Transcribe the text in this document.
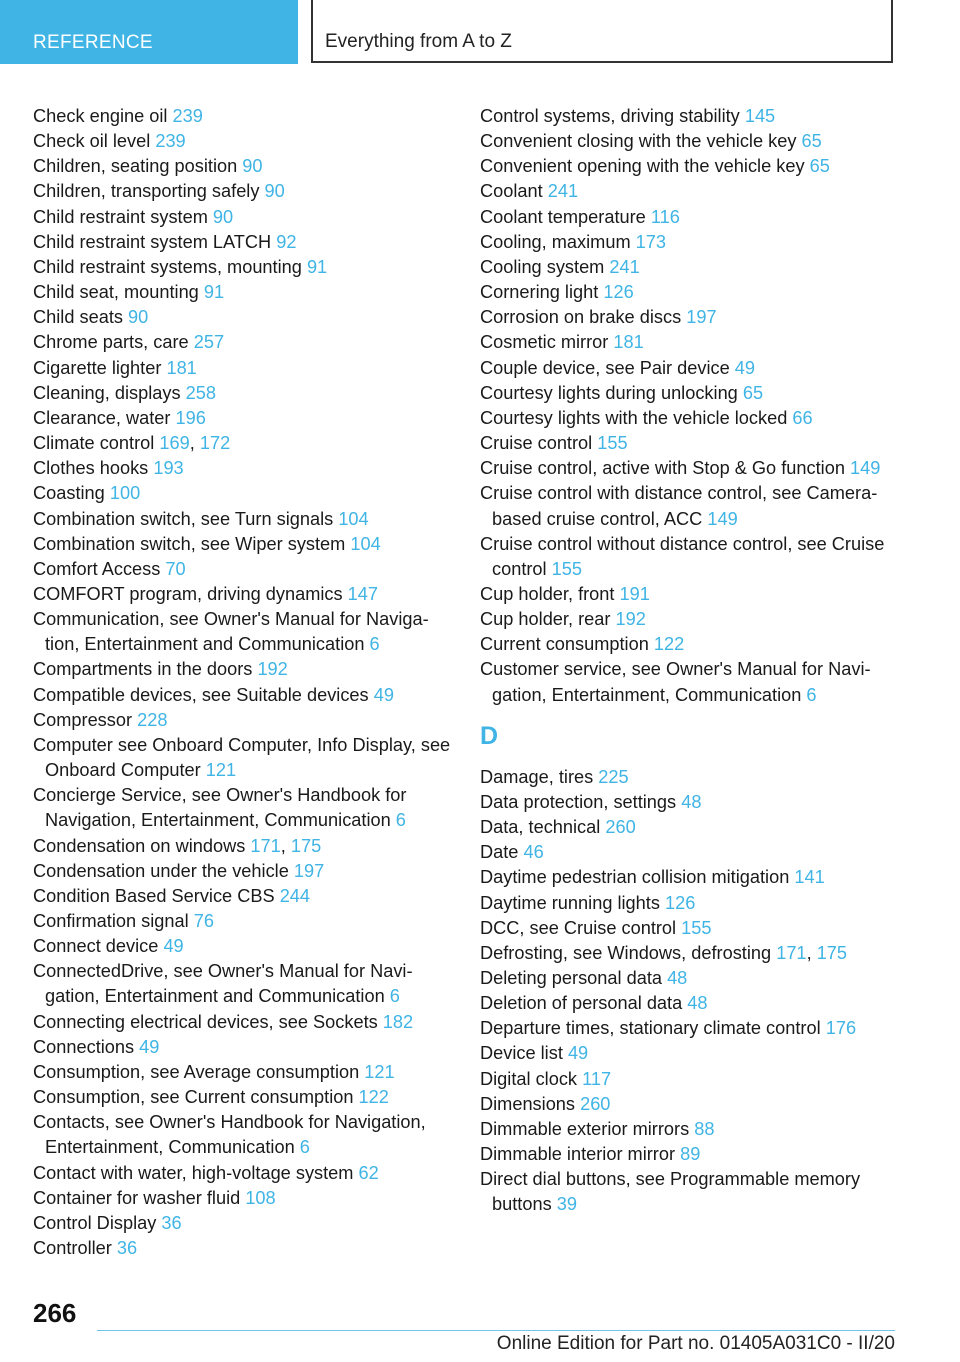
REFERENCE	Everything from A to Z
Check engine oil 239
Check oil level 239
Children, seating position 90
Children, transporting safely 90
Child restraint system 90
Child restraint system LATCH 92
Child restraint systems, mounting 91
Child seat, mounting 91
Child seats 90
Chrome parts, care 257
Cigarette lighter 181
Cleaning, displays 258
Clearance, water 196
Climate control 169, 172
Clothes hooks 193
Coasting 100
Combination switch, see Turn signals 104
Combination switch, see Wiper system 104
Comfort Access 70
COMFORT program, driving dynamics 147
Communication, see Owner's Manual for Navigation, Entertainment and Communication 6
Compartments in the doors 192
Compatible devices, see Suitable devices 49
Compressor 228
Computer see Onboard Computer, Info Display, see Onboard Computer 121
Concierge Service, see Owner's Handbook for Navigation, Entertainment, Communication 6
Condensation on windows 171, 175
Condensation under the vehicle 197
Condition Based Service CBS 244
Confirmation signal 76
Connect device 49
ConnectedDrive, see Owner's Manual for Navigation, Entertainment and Communication 6
Connecting electrical devices, see Sockets 182
Connections 49
Consumption, see Average consumption 121
Consumption, see Current consumption 122
Contacts, see Owner's Handbook for Navigation, Entertainment, Communication 6
Contact with water, high-voltage system 62
Container for washer fluid 108
Control Display 36
Controller 36
Control systems, driving stability 145
Convenient closing with the vehicle key 65
Convenient opening with the vehicle key 65
Coolant 241
Coolant temperature 116
Cooling, maximum 173
Cooling system 241
Cornering light 126
Corrosion on brake discs 197
Cosmetic mirror 181
Couple device, see Pair device 49
Courtesy lights during unlocking 65
Courtesy lights with the vehicle locked 66
Cruise control 155
Cruise control, active with Stop & Go function 149
Cruise control with distance control, see Camera-based cruise control, ACC 149
Cruise control without distance control, see Cruise control 155
Cup holder, front 191
Cup holder, rear 192
Current consumption 122
Customer service, see Owner's Manual for Navigation, Entertainment, Communication 6
D
Damage, tires 225
Data protection, settings 48
Data, technical 260
Date 46
Daytime pedestrian collision mitigation 141
Daytime running lights 126
DCC, see Cruise control 155
Defrosting, see Windows, defrosting 171, 175
Deleting personal data 48
Deletion of personal data 48
Departure times, stationary climate control 176
Device list 49
Digital clock 117
Dimensions 260
Dimmable exterior mirrors 88
Dimmable interior mirror 89
Direct dial buttons, see Programmable memory buttons 39
266
Online Edition for Part no. 01405A031C0 - II/20
